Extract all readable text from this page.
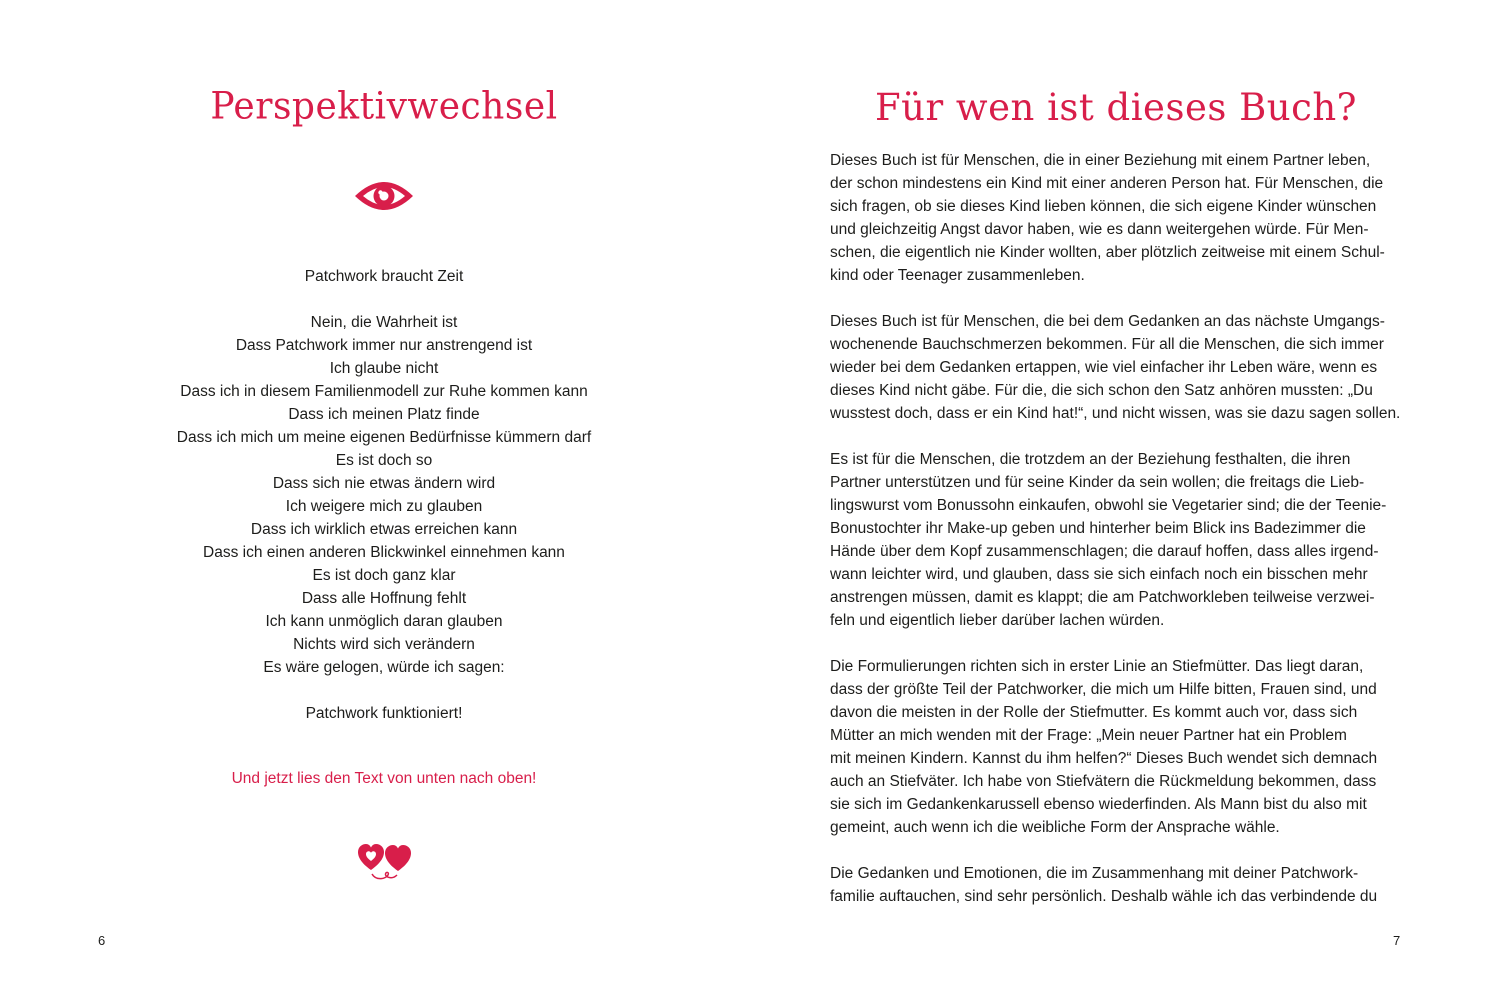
Perspektivwechsel

Patchwork braucht Zeit

Nein, die Wahrheit ist

Dass Patchwork immer nur anstrengend ist

Ich glaube nicht

Dass ich in diesem Familienmodell zur Ruhe kommen kann

Dass ich meinen Platz finde

Dass ich mich um meine eigenen Bedürfnisse kümmern darf

Es ist doch so

Dass sich nie etwas ändern wird

Ich weigere mich zu glauben

Dass ich wirklich etwas erreichen kann

Dass ich einen anderen Blickwinkel einnehmen kann

Es ist doch ganz klar

Dass alle Hoffnung fehlt

Ich kann unmöglich daran glauben

Nichts wird sich verändern

Es wäre gelogen, würde ich sagen:

Patchwork funktioniert!

Und jetzt lies den Text von unten nach oben!
6
Für wen ist dieses Buch?

Dieses Buch ist für Menschen, die in einer Beziehung mit einem Partner leben,
der schon mindestens ein Kind mit einer anderen Person hat. Für Menschen, die
sich fragen, ob sie dieses Kind lieben können, die sich eigene Kinder wünschen
und gleichzeitig Angst davor haben, wie es dann weitergehen würde. Für Men-
schen, die eigentlich nie Kinder wollten, aber plötzlich zeitweise mit einem Schul-
kind oder Teenager zusammenleben.

Dieses Buch ist für Menschen, die bei dem Gedanken an das nächste Umgangs-
wochenende Bauchschmerzen bekommen. Für all die Menschen, die sich immer
wieder bei dem Gedanken ertappen, wie viel einfacher ihr Leben wäre, wenn es
dieses Kind nicht gäbe. Für die, die sich schon den Satz anhören mussten: „Du
wusstest doch, dass er ein Kind hat!“, und nicht wissen, was sie dazu sagen sollen.

Es ist für die Menschen, die trotzdem an der Beziehung festhalten, die ihren
Partner unterstützen und für seine Kinder da sein wollen; die freitags die Lieb-
lingswurst vom Bonussohn einkaufen, obwohl sie Vegetarier sind; die der Teenie-
Bonustochter ihr Make-up geben und hinterher beim Blick ins Badezimmer die
Hände über dem Kopf zusammenschlagen; die darauf hoffen, dass alles irgend-
wann leichter wird, und glauben, dass sie sich einfach noch ein bisschen mehr
anstrengen müssen, damit es klappt; die am Patchworkleben teilweise verzwei-
feln und eigentlich lieber darüber lachen würden.

Die Formulierungen richten sich in erster Linie an Stiefmütter. Das liegt daran,
dass der größte Teil der Patchworker, die mich um Hilfe bitten, Frauen sind, und
davon die meisten in der Rolle der Stiefmutter. Es kommt auch vor, dass sich
Mütter an mich wenden mit der Frage: „Mein neuer Partner hat ein Problem
mit meinen Kindern. Kannst du ihm helfen?“ Dieses Buch wendet sich demnach
auch an Stiefväter. Ich habe von Stiefvätern die Rückmeldung bekommen, dass
sie sich im Gedankenkarussell ebenso wiederfinden. Als Mann bist du also mit
gemeint, auch wenn ich die weibliche Form der Ansprache wähle.

Die Gedanken und Emotionen, die im Zusammenhang mit deiner Patchwork-
familie auftauchen, sind sehr persönlich. Deshalb wähle ich das verbindende du

7
